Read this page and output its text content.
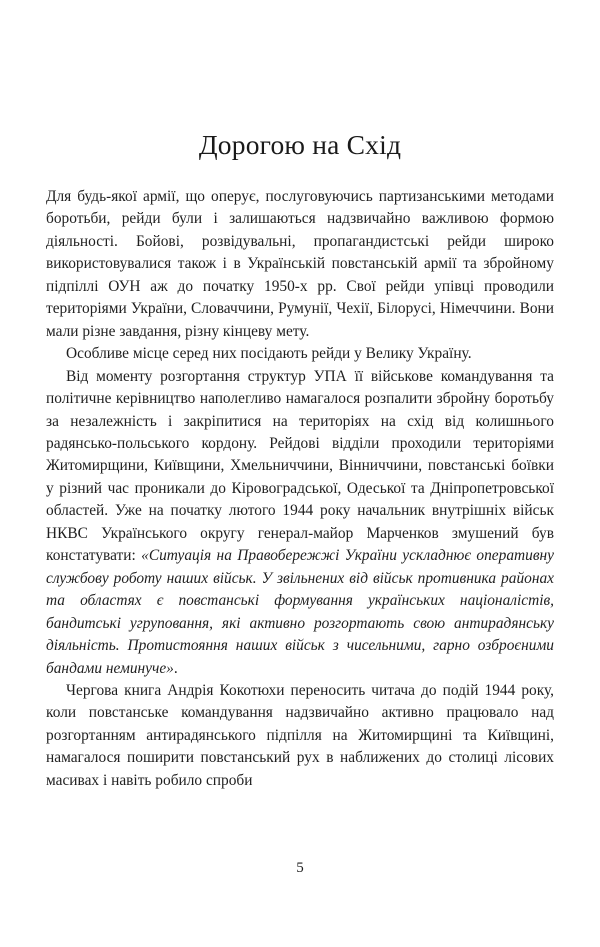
Дорогою на Схід

Для будь-якої армії, що оперує, послуговуючись партизанськими методами боротьби, рейди були і залишаються надзвичайно важливою формою діяльності. Бойові, розвідувальні, пропагандистські рейди широко використовувалися також і в Українській повстанській армії та збройному підпіллі ОУН аж до початку 1950-х рр. Свої рейди упівці проводили територіями України, Словаччини, Румунії, Чехії, Білорусі, Німеччини. Вони мали різне завдання, різну кінцеву мету.

Особливе місце серед них посідають рейди у Велику Україну.

Від моменту розгортання структур УПА її військове командування та політичне керівництво наполегливо намагалося розпалити збройну боротьбу за незалежність і закріпитися на територіях на схід від колишнього радянсько-польського кордону. Рейдові відділи проходили територіями Житомирщини, Київщини, Хмельниччини, Вінниччини, повстанські боївки у різний час проникали до Кіровоградської, Одеської та Дніпропетровської областей. Уже на початку лютого 1944 року начальник внутрішніх військ НКВС Українського округу генерал-майор Марченков змушений був констатувати: «Ситуація на Правобережжі України ускладнює оперативну службову роботу наших військ. У звільнених від військ противника районах та областях є повстанські формування українських націоналістів, бандитські угруповання, які активно розгортають свою антирадянську діяльність. Протистояння наших військ з чисельними, гарно озброєними бандами неминуче».

Чергова книга Андрія Кокотюхи переносить читача до подій 1944 року, коли повстанське командування надзвичайно активно працювало над розгортанням антирадянського підпілля на Житомирщині та Київщині, намагалося поширити повстанський рух в наближених до столиці лісових масивах і навіть робило спроби

5
